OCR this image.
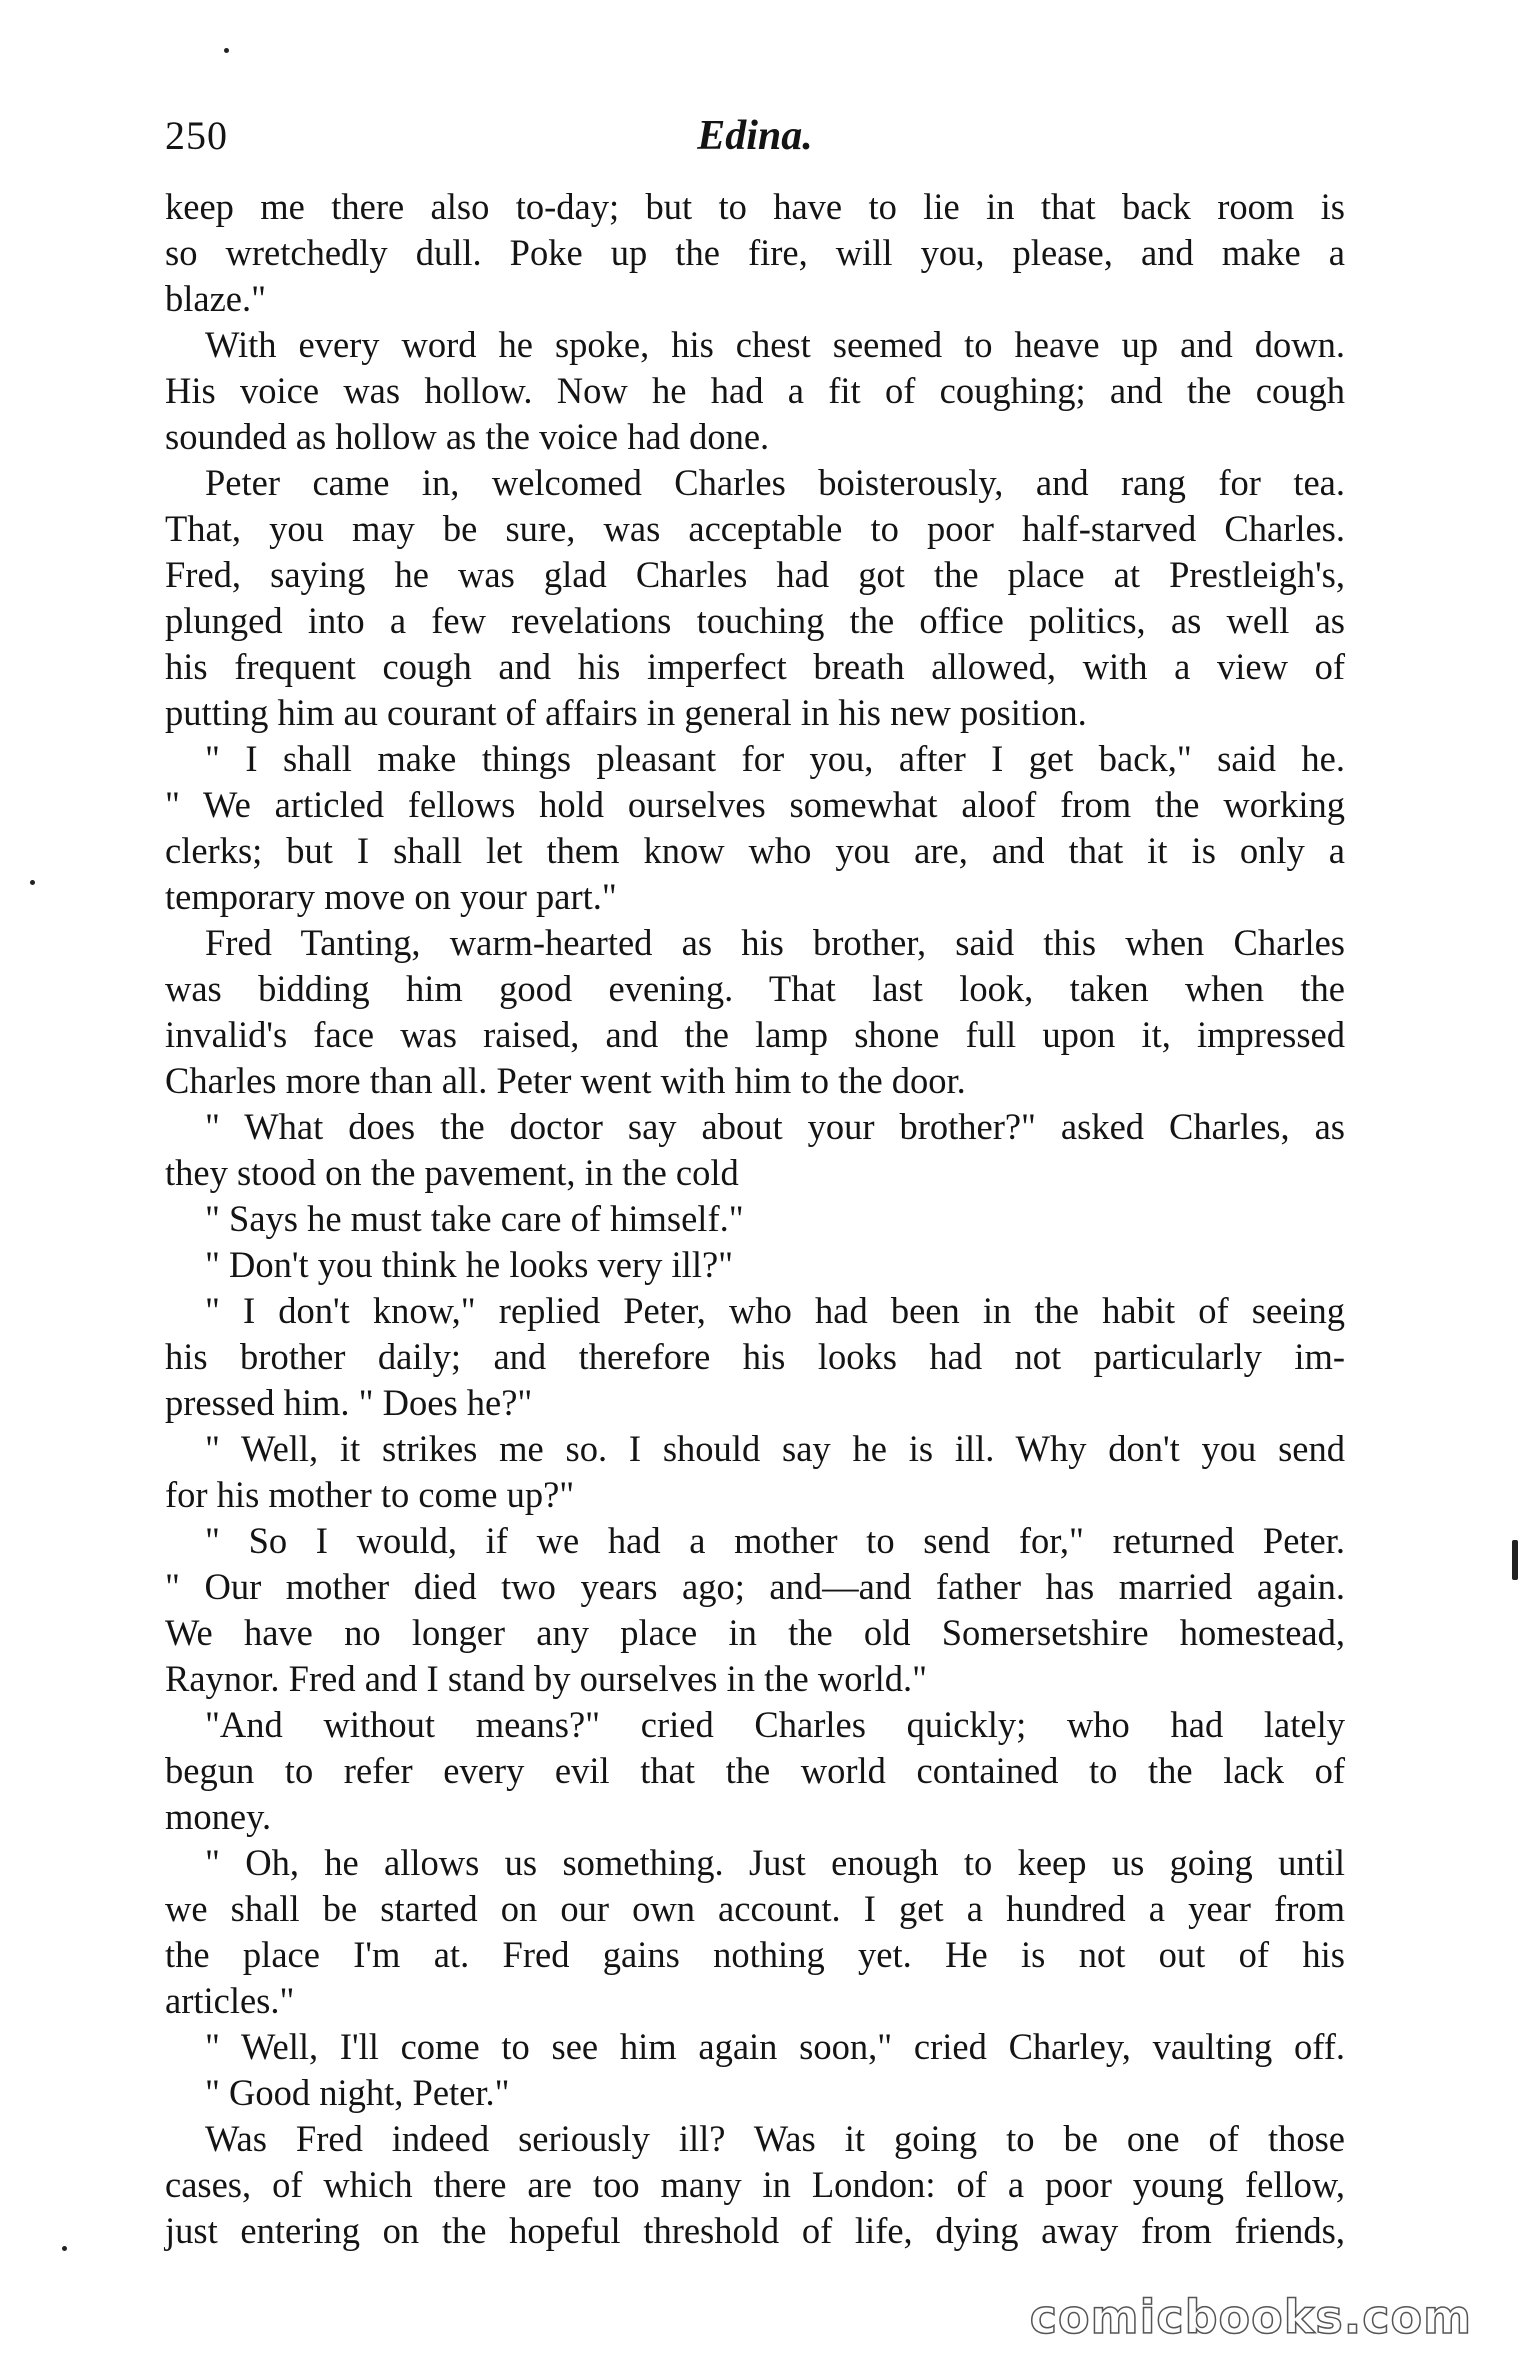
250	Edina.
keep me there also to-day; but to have to lie in that back room is
so wretchedly dull. Poke up the fire, will you, please, and make a
blaze."
With every word he spoke, his chest seemed to heave up and down.
His voice was hollow. Now he had a fit of coughing; and the cough
sounded as hollow as the voice had done.
Peter came in, welcomed Charles boisterously, and rang for tea.
That, you may be sure, was acceptable to poor half-starved Charles.
Fred, saying he was glad Charles had got the place at Prestleigh's,
plunged into a few revelations touching the office politics, as well as
his frequent cough and his imperfect breath allowed, with a view of
putting him au courant of affairs in general in his new position.
" I shall make things pleasant for you, after I get back," said he.
" We articled fellows hold ourselves somewhat aloof from the working
clerks; but I shall let them know who you are, and that it is only a
temporary move on your part."
Fred Tanting, warm-hearted as his brother, said this when Charles
was bidding him good evening. That last look, taken when the
invalid's face was raised, and the lamp shone full upon it, impressed
Charles more than all. Peter went with him to the door.
" What does the doctor say about your brother?" asked Charles, as
they stood on the pavement, in the cold
" Says he must take care of himself."
" Don't you think he looks very ill?"
" I don't know," replied Peter, who had been in the habit of seeing
his brother daily; and therefore his looks had not particularly im-
pressed him. " Does he?"
" Well, it strikes me so. I should say he is ill. Why don't you send
for his mother to come up?"
" So I would, if we had a mother to send for," returned Peter.
" Our mother died two years ago; and—and father has married again.
We have no longer any place in the old Somersetshire homestead,
Raynor. Fred and I stand by ourselves in the world."
"And without means?" cried Charles quickly; who had lately
begun to refer every evil that the world contained to the lack of
money.
" Oh, he allows us something. Just enough to keep us going until
we shall be started on our own account. I get a hundred a year from
the place I'm at. Fred gains nothing yet. He is not out of his
articles."
" Well, I'll come to see him again soon," cried Charley, vaulting off.
" Good night, Peter."
Was Fred indeed seriously ill? Was it going to be one of those
cases, of which there are too many in London: of a poor young fellow,
just entering on the hopeful threshold of life, dying away from friends,
comicbooks.com
